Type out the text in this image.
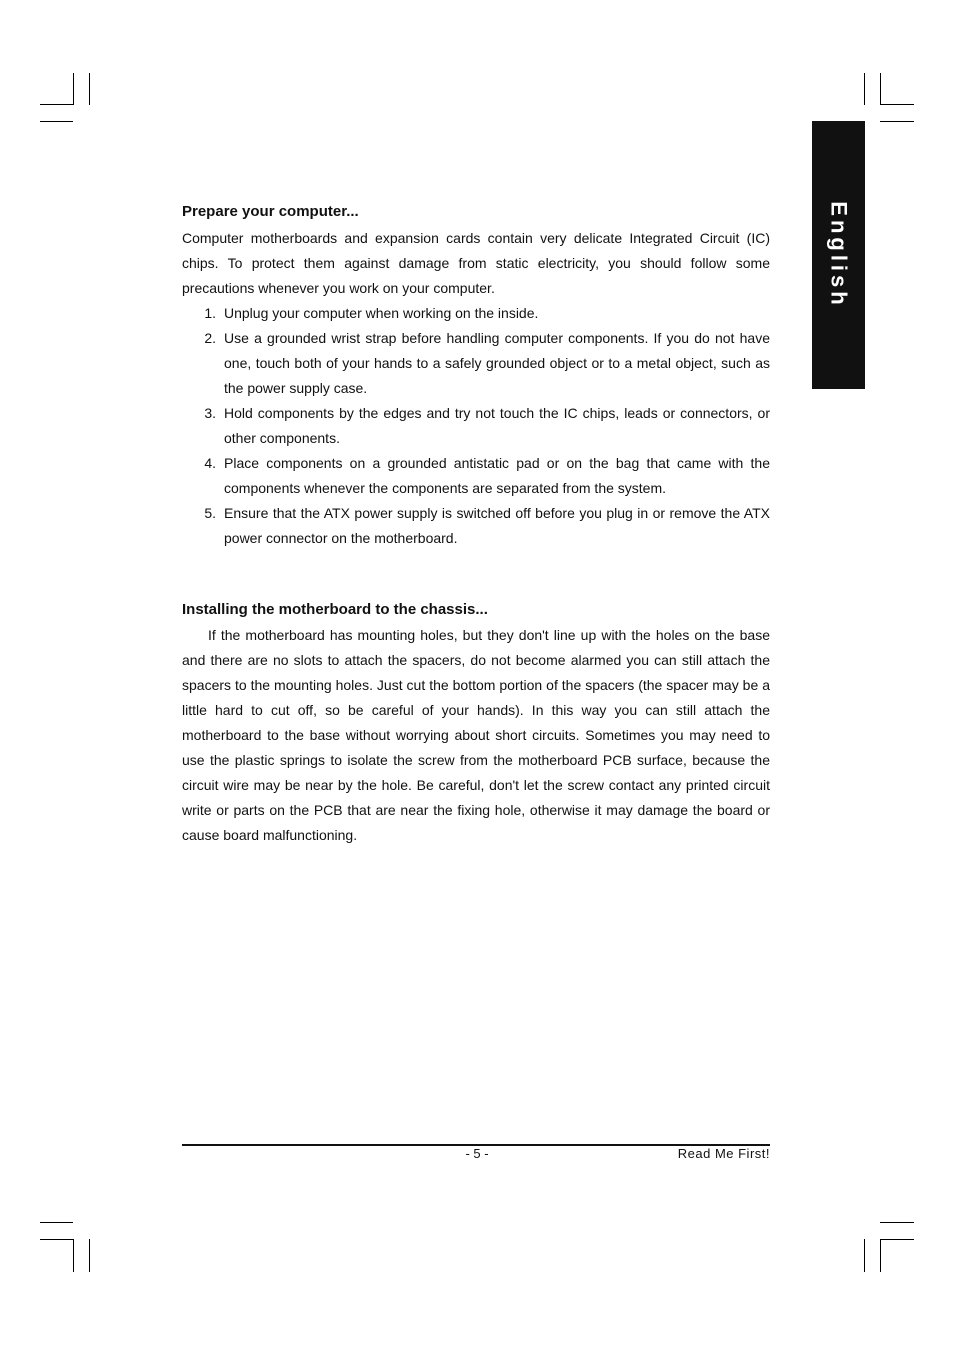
English
Prepare your computer...

Computer motherboards and expansion cards contain very delicate Integrated Circuit (IC) chips. To protect them against damage from static electricity, you should follow some precautions whenever you work on your computer.

1. Unplug your computer when working on the inside.
2. Use a grounded wrist strap before handling computer components. If you do not have one, touch both of your hands to a safely grounded object or to a metal object, such as the power supply case.
3. Hold components by the edges and try not touch the IC chips, leads or connectors, or other components.
4. Place components on a grounded antistatic pad or on the bag that came with the components whenever the components are separated from the system.
5. Ensure that the ATX power supply is switched off before you plug in or remove the ATX power connector on the motherboard.
Installing the motherboard to the chassis...

If the motherboard has mounting holes, but they don't line up with the holes on the base and there are no slots to attach the spacers, do not become alarmed you can still attach the spacers to the mounting holes. Just cut the bottom portion of the spacers (the spacer may be a little hard to cut off, so be careful of your hands). In this way you can still attach the motherboard to the base without worrying about short circuits. Sometimes you may need to use the plastic springs to isolate the screw from the motherboard PCB surface, because the circuit wire may be near by the hole. Be careful, don't let the screw contact any printed circuit write or parts on the PCB that are near the fixing hole, otherwise it may damage the board or cause board malfunctioning.

- 5 -	Read Me First!
